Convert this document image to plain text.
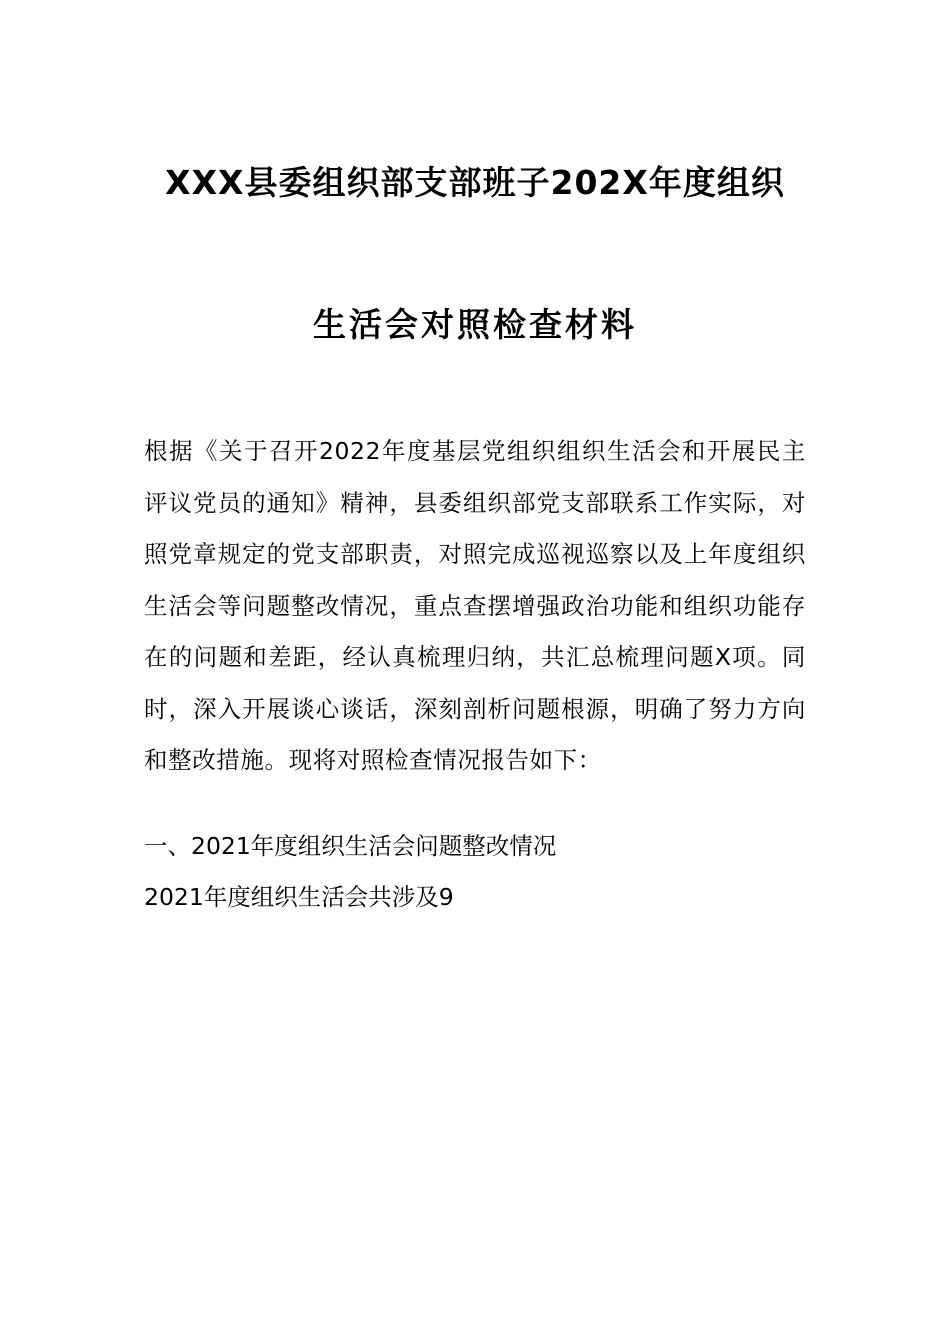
XXX县委组织部支部班子202X年度组织
生活会对照检查材料
根据《关于召开2022年度基层党组织组织生活会和开展民主评议党员的通知》精神，县委组织部党支部联系工作实际，对照党章规定的党支部职责，对照完成巡视巡察以及上年度组织生活会等问题整改情况，重点查摆增强政治功能和组织功能存在的问题和差距，经认真梳理归纳，共汇总梳理问题X项。同时，深入开展谈心谈话，深刻剖析问题根源，明确了努力方向和整改措施。现将对照检查情况报告如下：
一、2021年度组织生活会问题整改情况
2021年度组织生活会共涉及9
